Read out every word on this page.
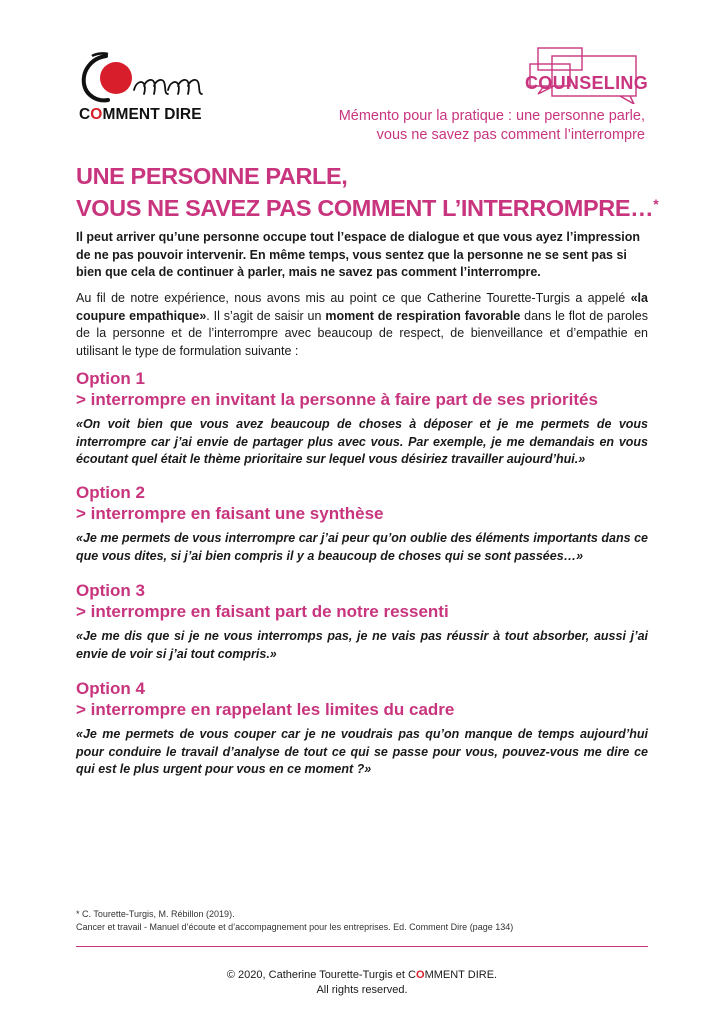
COMMENT DIRE
COUNSELING
Mémento pour la pratique : une personne parle,
vous ne savez pas comment l’interrompre
UNE PERSONNE PARLE,
VOUS NE SAVEZ PAS COMMENT L’INTERROMPRE…*
Il peut arriver qu’une personne occupe tout l’espace de dialogue et que vous ayez l’impression de ne pas pouvoir intervenir. En même temps, vous sentez que la personne ne se sent pas si bien que cela de continuer à parler, mais ne savez pas comment l’interrompre.
Au fil de notre expérience, nous avons mis au point ce que Catherine Tourette-Turgis a appelé «la coupure empathique». Il s’agit de saisir un moment de respiration favorable dans le flot de paroles de la personne et de l’interrompre avec beaucoup de respect, de bienveillance et d’empathie en utilisant le type de formulation suivante :
Option 1
> interrompre en invitant la personne à faire part de ses priorités
«On voit bien que vous avez beaucoup de choses à déposer et je me permets de vous interrompre car j’ai envie de partager plus avec vous. Par exemple, je me demandais en vous écoutant quel était le thème prioritaire sur lequel vous désiriez travailler aujourd’hui.»
Option 2
> interrompre en faisant une synthèse
«Je me permets de vous interrompre car j’ai peur qu’on oublie des éléments importants dans ce que vous dites, si j’ai bien compris il y a beaucoup de choses qui se sont passées…»
Option 3
> interrompre en faisant part de notre ressenti
«Je me dis que si je ne vous interromps pas, je ne vais pas réussir à tout absorber, aussi j’ai envie de voir si j’ai tout compris.»
Option 4
> interrompre en rappelant les limites du cadre
«Je me permets de vous couper car je ne voudrais pas qu’on manque de temps aujourd’hui pour conduire le travail d’analyse de tout ce qui se passe pour vous, pouvez-vous me dire ce qui est le plus urgent pour vous en ce moment ?»
* C. Tourette-Turgis, M. Rébillon (2019).
Cancer et travail - Manuel d’écoute et d’accompagnement pour les entreprises. Ed. Comment Dire (page 134)
© 2020, Catherine Tourette-Turgis et COMMENT DIRE.
All rights reserved.
